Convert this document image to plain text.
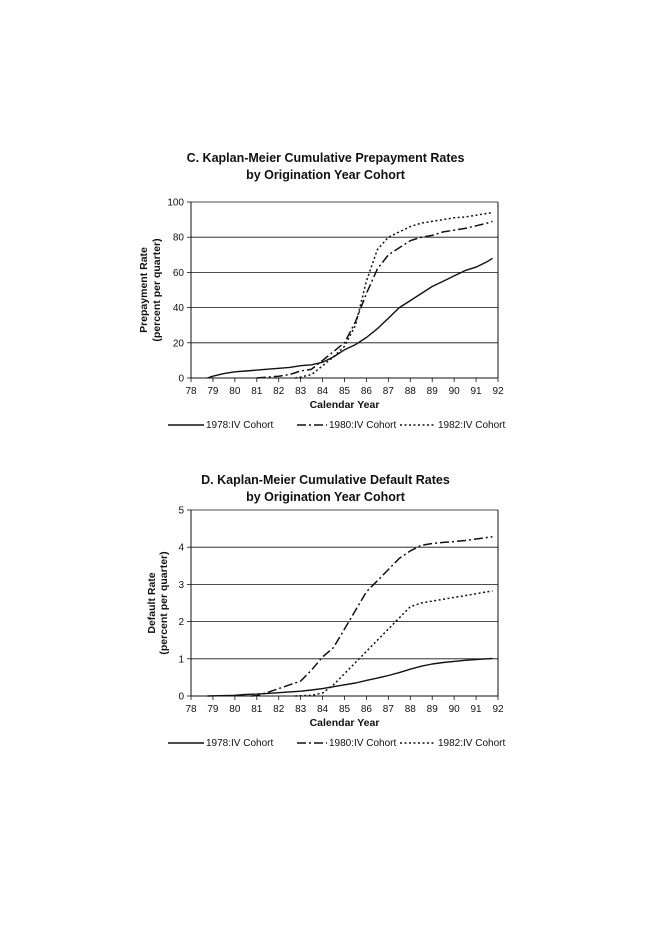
C. Kaplan-Meier Cumulative Prepayment Rates
by Origination Year Cohort
0
20
40
60
80
100
78 79 80 81 82 83 84 85 86 87 88 89 90 91 92
Calendar Year
Prepayment Rate (percent per quarter)
1978:IV Cohort	1980:IV Cohort	1982:IV Cohort
D. Kaplan-Meier Cumulative Default Rates
by Origination Year Cohort
0
1
2
3
4
5
78 79 80 81 82 83 84 85 86 87 88 89 90 91 92
Calendar Year
Default Rate (percent per quarter)
1978:IV Cohort	1980:IV Cohort	1982:IV Cohort
